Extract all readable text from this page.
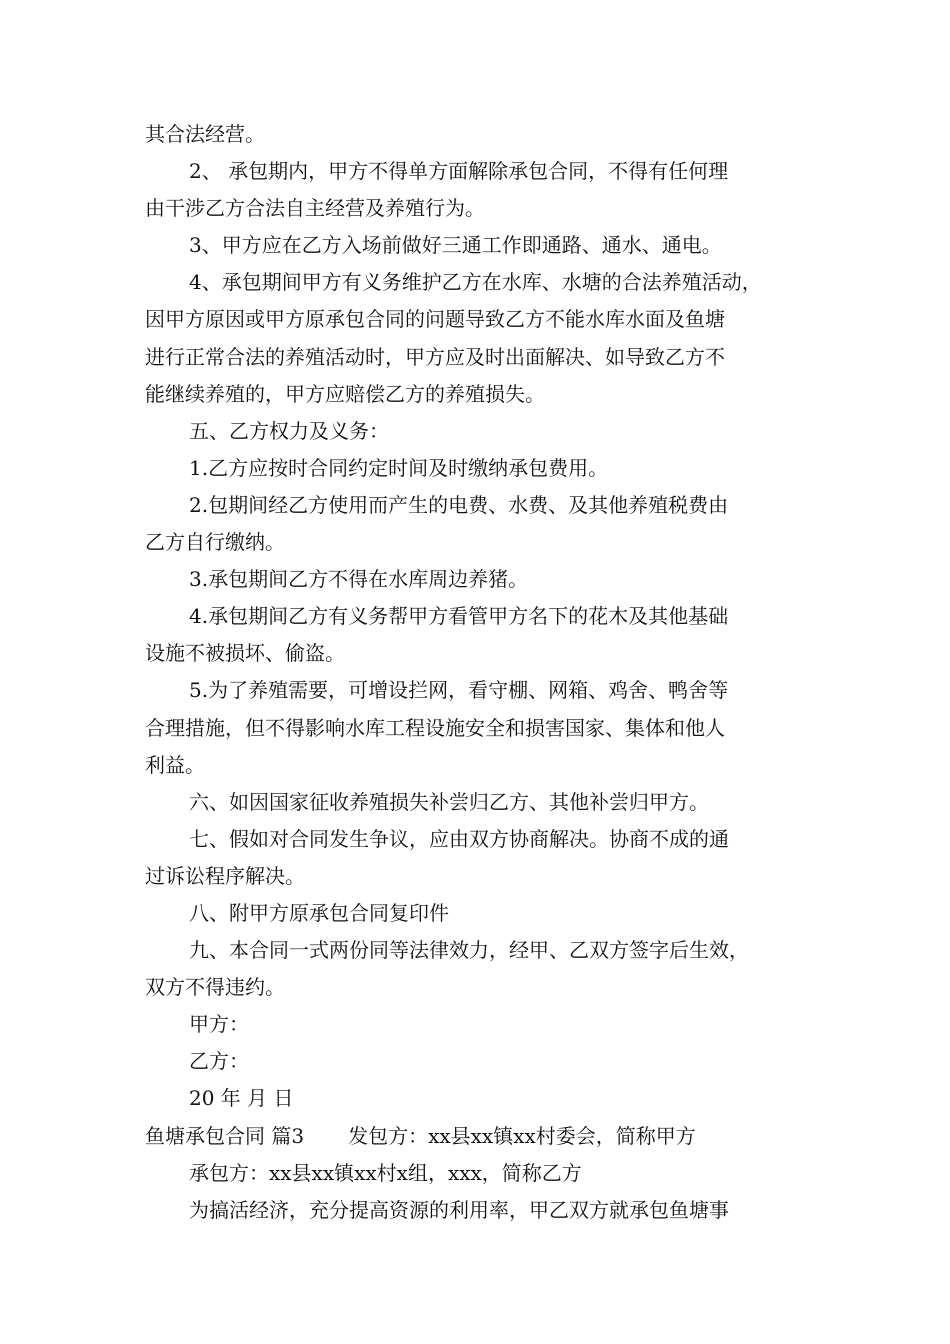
其合法经营。
2、 承包期内，甲方不得单方面解除承包合同，不得有任何理
由干涉乙方合法自主经营及养殖行为。
3、甲方应在乙方入场前做好三通工作即通路、通水、通电。
4、承包期间甲方有义务维护乙方在水库、水塘的合法养殖活动，
因甲方原因或甲方原承包合同的问题导致乙方不能水库水面及鱼塘
进行正常合法的养殖活动时，甲方应及时出面解决、如导致乙方不
能继续养殖的，甲方应赔偿乙方的养殖损失。
五、乙方权力及义务：
1.乙方应按时合同约定时间及时缴纳承包费用。
2.包期间经乙方使用而产生的电费、水费、及其他养殖税费由
乙方自行缴纳。
3.承包期间乙方不得在水库周边养猪。
4.承包期间乙方有义务帮甲方看管甲方名下的花木及其他基础
设施不被损坏、偷盗。
5.为了养殖需要，可增设拦网，看守棚、网箱、鸡舍、鸭舍等
合理措施，但不得影响水库工程设施安全和损害国家、集体和他人
利益。
六、如因国家征收养殖损失补尝归乙方、其他补尝归甲方。
七、假如对合同发生争议，应由双方协商解决。协商不成的通
过诉讼程序解决。
八、附甲方原承包合同复印件
九、本合同一式两份同等法律效力，经甲、乙双方签字后生效，
双方不得违约。
甲方：
乙方：
20 年 月 日
鱼塘承包合同 篇3 发包方：xx县xx镇xx村委会，简称甲方
承包方：xx县xx镇xx村x组，xxx，简称乙方
为搞活经济，充分提高资源的利用率，甲乙双方就承包鱼塘事
